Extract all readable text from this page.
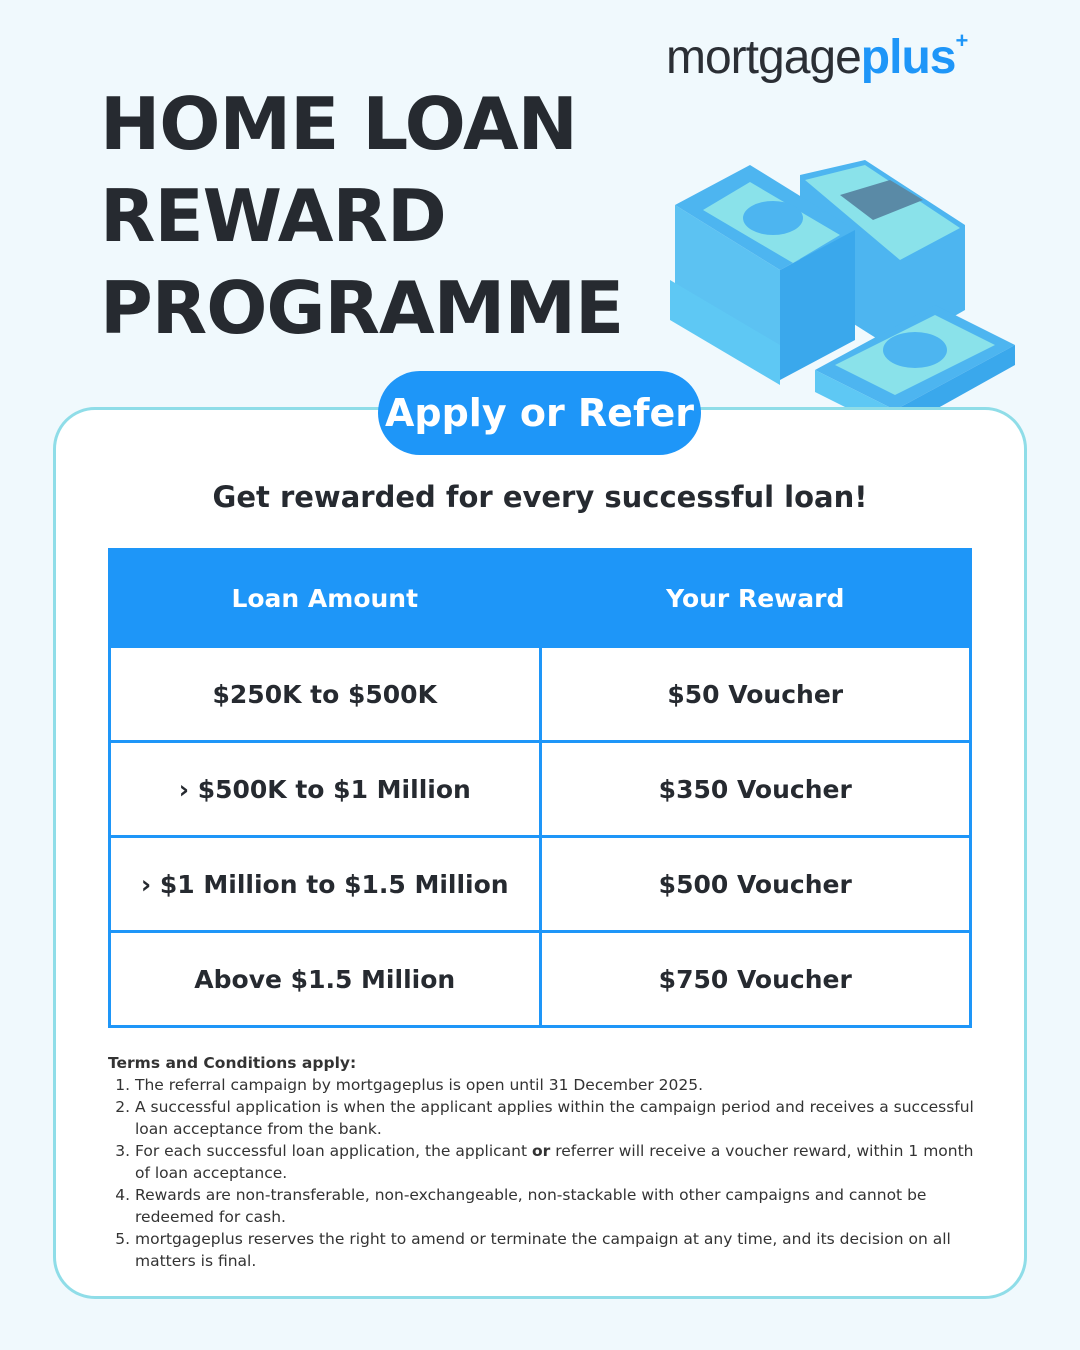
mortgageplus+
HOME LOAN
REWARD
PROGRAMME
Apply or Refer
Get rewarded for every successful loan!
Loan Amount	Your Reward
$250K to $500K	$50 Voucher
› $500K to $1 Million	$350 Voucher
› $1 Million to $1.5 Million	$500 Voucher
Above $1.5 Million	$750 Voucher
Terms and Conditions apply:
1. The referral campaign by mortgageplus is open until 31 December 2025.
2. A successful application is when the applicant applies within the campaign period and receives a successful loan acceptance from the bank.
3. For each successful loan application, the applicant or referrer will receive a voucher reward, within 1 month of loan acceptance.
4. Rewards are non-transferable, non-exchangeable, non-stackable with other campaigns and cannot be redeemed for cash.
5. mortgageplus reserves the right to amend or terminate the campaign at any time, and its decision on all matters is final.
